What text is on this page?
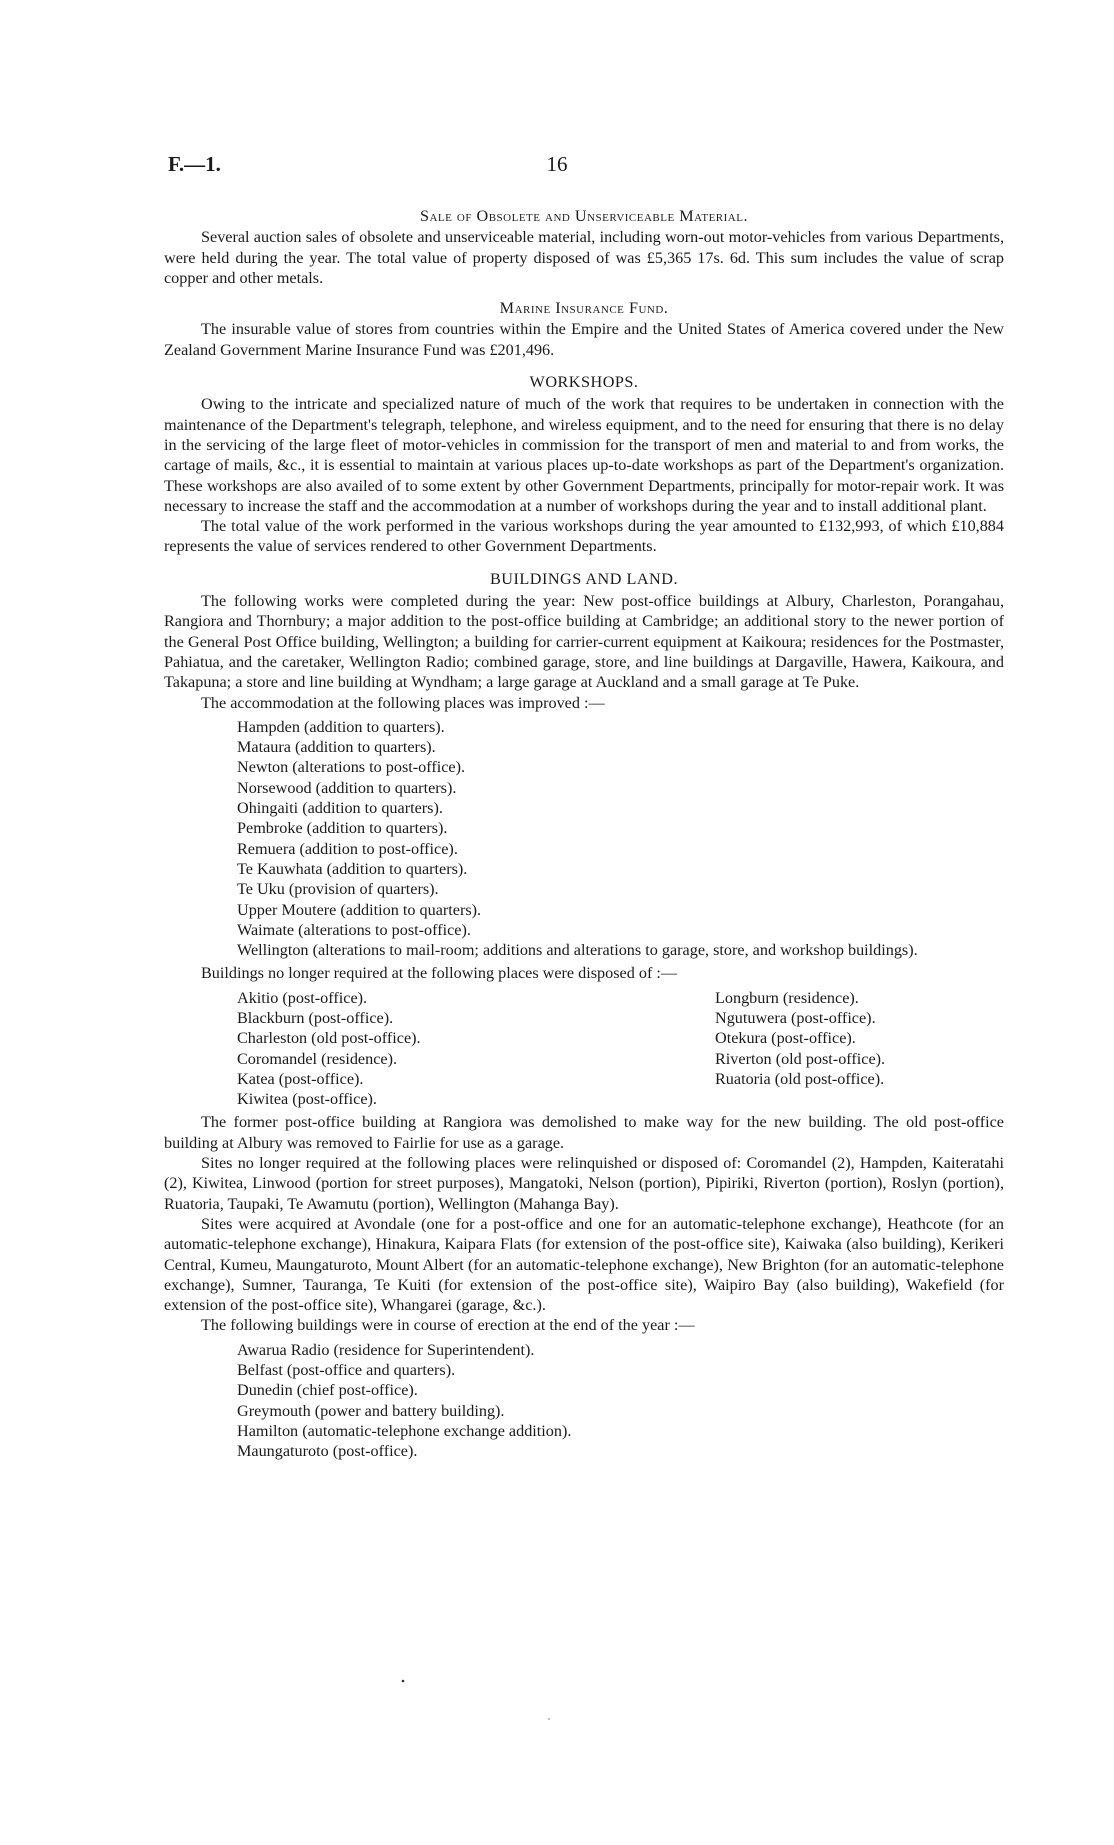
F.—1.	16
Sale of Obsolete and Unserviceable Material.

Several auction sales of obsolete and unserviceable material, including worn-out motor-vehicles from various Departments, were held during the year. The total value of property disposed of was £5,365 17s. 6d. This sum includes the value of scrap copper and other metals.

Marine Insurance Fund.

The insurable value of stores from countries within the Empire and the United States of America covered under the New Zealand Government Marine Insurance Fund was £201,496.

WORKSHOPS.

Owing to the intricate and specialized nature of much of the work that requires to be undertaken in connection with the maintenance of the Department's telegraph, telephone, and wireless equipment, and to the need for ensuring that there is no delay in the servicing of the large fleet of motor-vehicles in commission for the transport of men and material to and from works, the cartage of mails, &c., it is essential to maintain at various places up-to-date workshops as part of the Department's organization. These workshops are also availed of to some extent by other Government Departments, principally for motor-repair work. It was necessary to increase the staff and the accommodation at a number of workshops during the year and to install additional plant.

The total value of the work performed in the various workshops during the year amounted to £132,993, of which £10,884 represents the value of services rendered to other Government Departments.

BUILDINGS AND LAND.

The following works were completed during the year: New post-office buildings at Albury, Charleston, Porangahau, Rangiora and Thornbury; a major addition to the post-office building at Cambridge; an additional story to the newer portion of the General Post Office building, Wellington; a building for carrier-current equipment at Kaikoura; residences for the Postmaster, Pahiatua, and the caretaker, Wellington Radio; combined garage, store, and line buildings at Dargaville, Hawera, Kaikoura, and Takapuna; a store and line building at Wyndham; a large garage at Auckland and a small garage at Te Puke.

The accommodation at the following places was improved :—

Hampden (addition to quarters).
Mataura (addition to quarters).
Newton (alterations to post-office).
Norsewood (addition to quarters).
Ohingaiti (addition to quarters).
Pembroke (addition to quarters).
Remuera (addition to post-office).
Te Kauwhata (addition to quarters).
Te Uku (provision of quarters).
Upper Moutere (addition to quarters).
Waimate (alterations to post-office).
Wellington (alterations to mail-room; additions and alterations to garage, store, and workshop buildings).

Buildings no longer required at the following places were disposed of :—

Akitio (post-office).
Blackburn (post-office).
Charleston (old post-office).
Coromandel (residence).
Katea (post-office).
Kiwitea (post-office).
Longburn (residence).
Ngutuwera (post-office).
Otekura (post-office).
Riverton (old post-office).
Ruatoria (old post-office).

The former post-office building at Rangiora was demolished to make way for the new building. The old post-office building at Albury was removed to Fairlie for use as a garage.

Sites no longer required at the following places were relinquished or disposed of: Coromandel (2), Hampden, Kaiteratahi (2), Kiwitea, Linwood (portion for street purposes), Mangatoki, Nelson (portion), Pipiriki, Riverton (portion), Roslyn (portion), Ruatoria, Taupaki, Te Awamutu (portion), Wellington (Mahanga Bay).

Sites were acquired at Avondale (one for a post-office and one for an automatic-telephone exchange), Heathcote (for an automatic-telephone exchange), Hinakura, Kaipara Flats (for extension of the post-office site), Kaiwaka (also building), Kerikeri Central, Kumeu, Maungaturoto, Mount Albert (for an automatic-telephone exchange), New Brighton (for an automatic-telephone exchange), Sumner, Tauranga, Te Kuiti (for extension of the post-office site), Waipiro Bay (also building), Wakefield (for extension of the post-office site), Whangarei (garage, &c.).

The following buildings were in course of erection at the end of the year :—

Awarua Radio (residence for Superintendent).
Belfast (post-office and quarters).
Dunedin (chief post-office).
Greymouth (power and battery building).
Hamilton (automatic-telephone exchange addition).
Maungaturoto (post-office).
